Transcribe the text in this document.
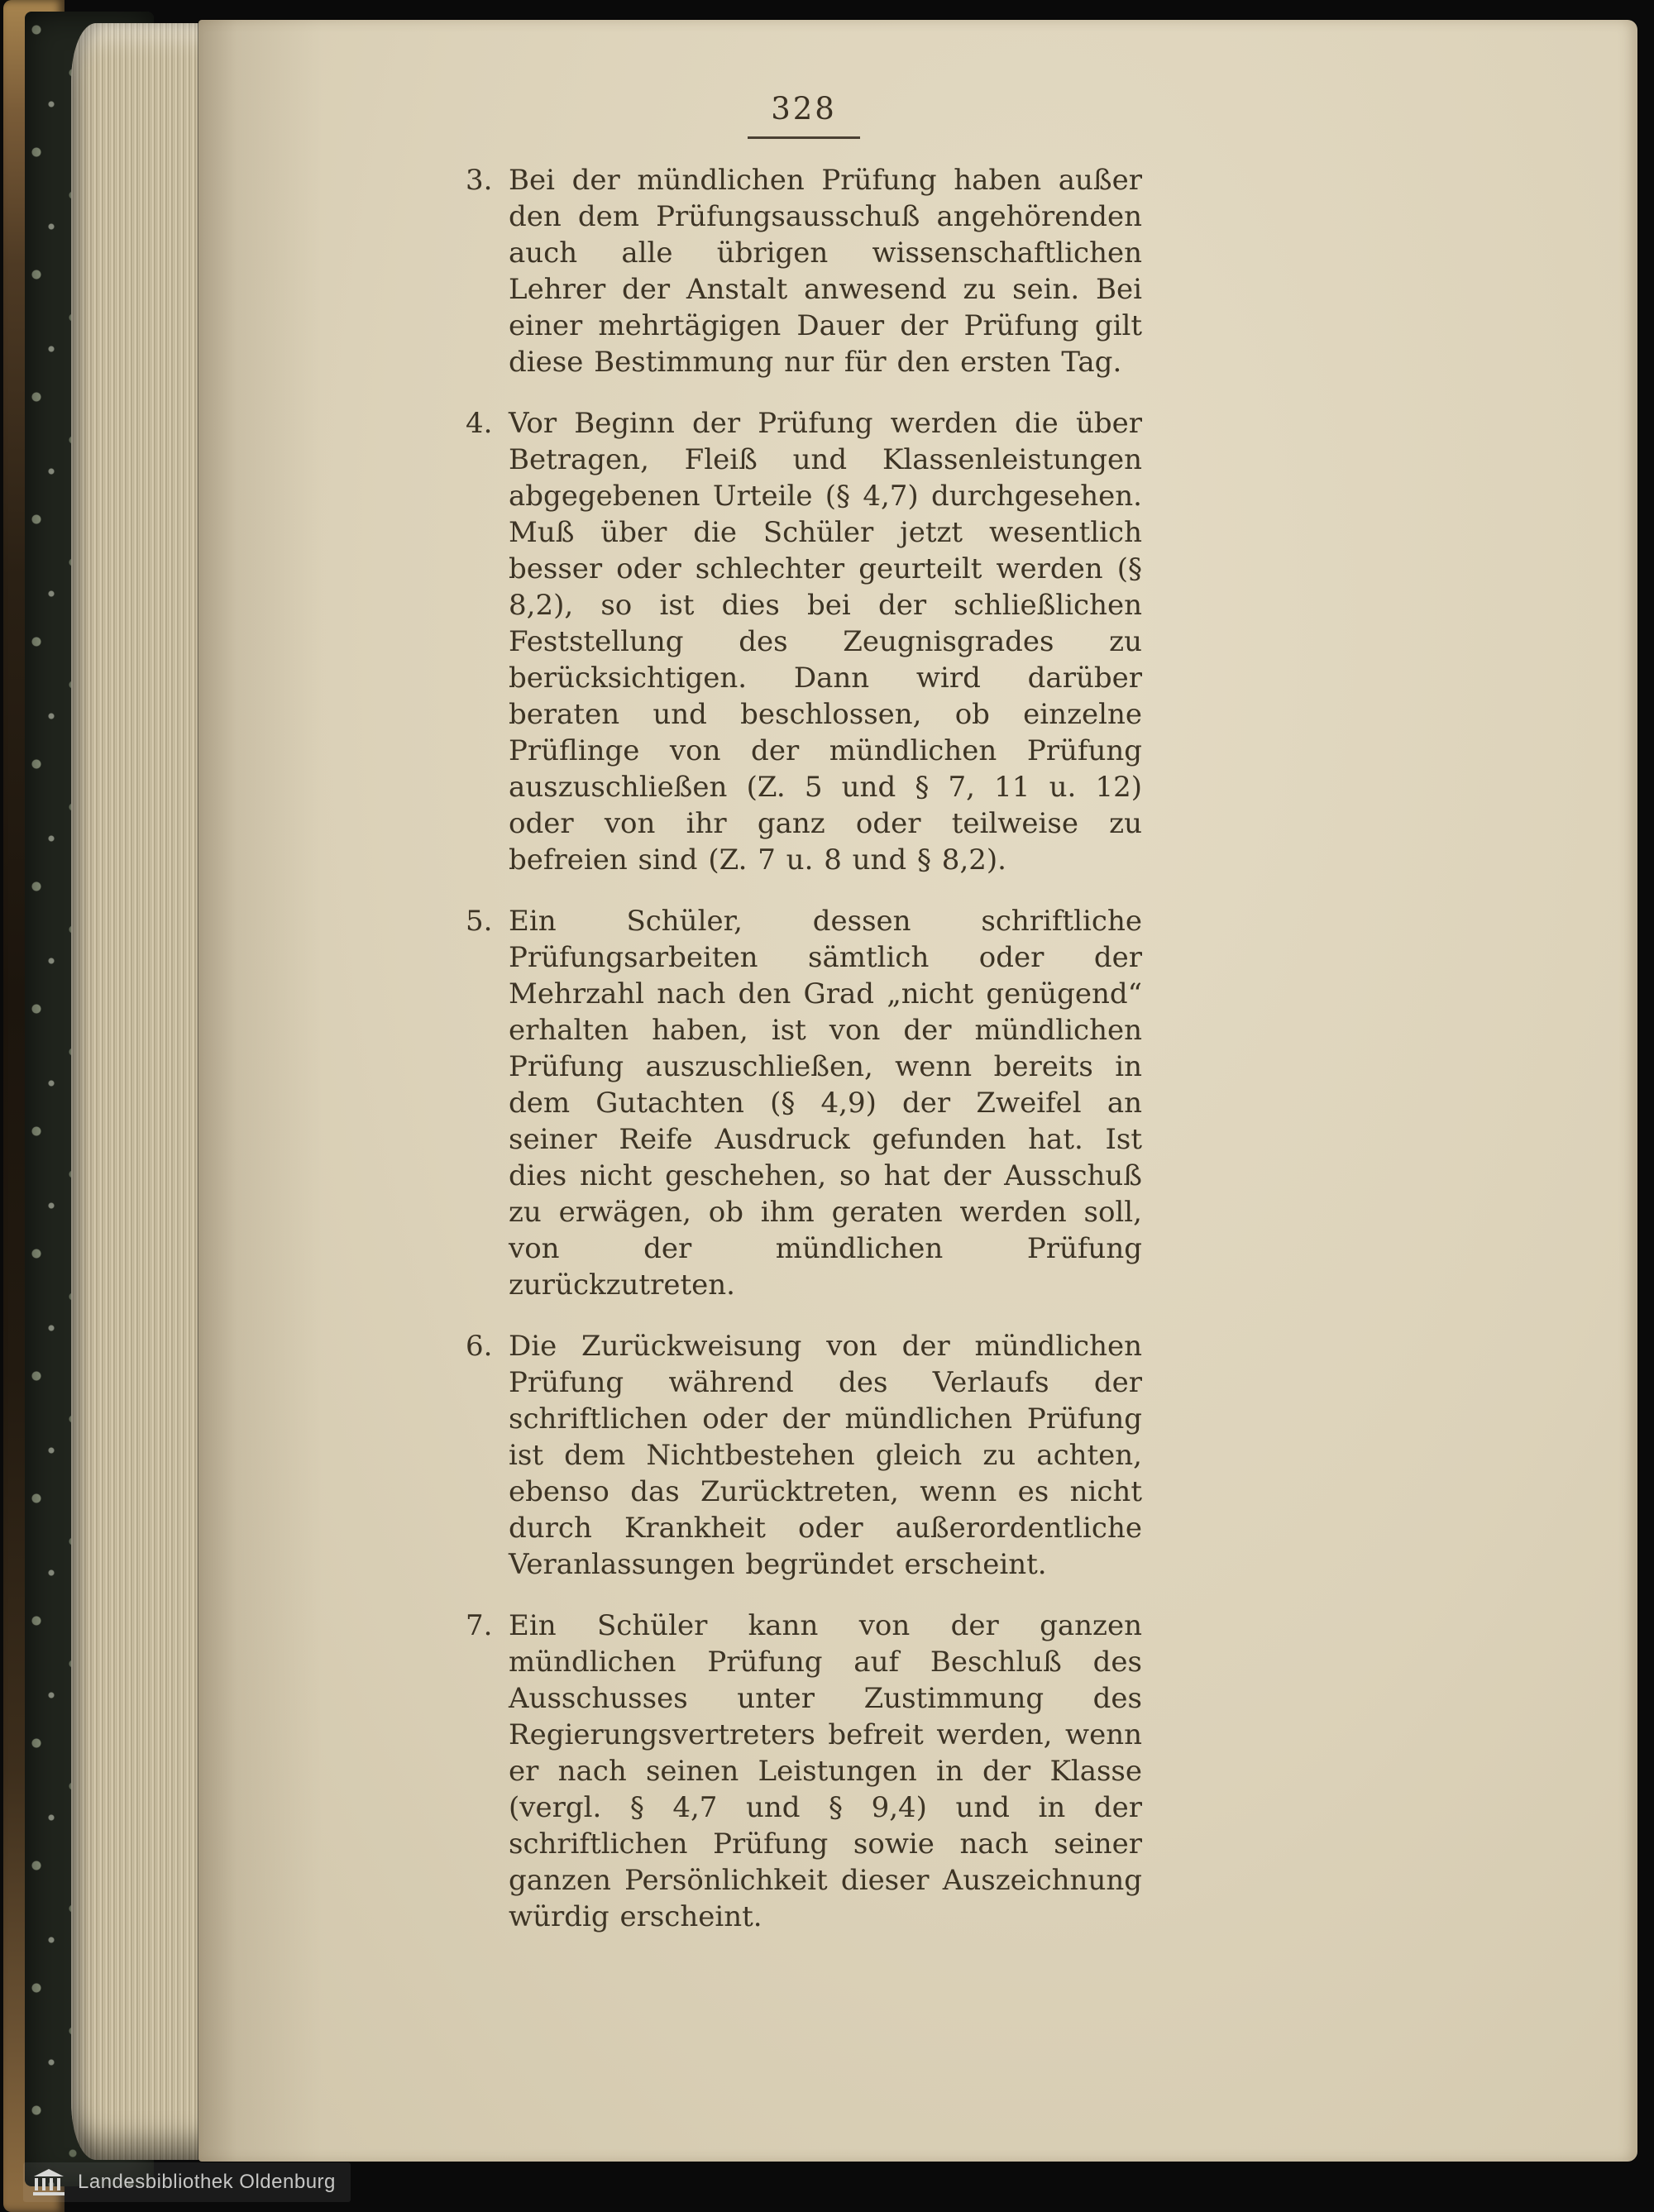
328
3. Bei der mündlichen Prüfung haben außer den dem Prüfungsausschuß angehörenden auch alle übrigen wissenschaftlichen Lehrer der Anstalt anwesend zu sein. Bei einer mehrtägigen Dauer der Prüfung gilt diese Bestimmung nur für den ersten Tag.

4. Vor Beginn der Prüfung werden die über Betragen, Fleiß und Klassenleistungen abgegebenen Urteile (§ 4,7) durchgesehen. Muß über die Schüler jetzt wesentlich besser oder schlechter geurteilt werden (§ 8,2), so ist dies bei der schließlichen Feststellung des Zeugnisgrades zu berücksichtigen. Dann wird darüber beraten und beschlossen, ob einzelne Prüflinge von der mündlichen Prüfung auszuschließen (Z. 5 und § 7, 11 u. 12) oder von ihr ganz oder teilweise zu befreien sind (Z. 7 u. 8 und § 8,2).

5. Ein Schüler, dessen schriftliche Prüfungsarbeiten sämtlich oder der Mehrzahl nach den Grad „nicht genügend“ erhalten haben, ist von der mündlichen Prüfung auszuschließen, wenn bereits in dem Gutachten (§ 4,9) der Zweifel an seiner Reife Ausdruck gefunden hat. Ist dies nicht geschehen, so hat der Ausschuß zu erwägen, ob ihm geraten werden soll, von der mündlichen Prüfung zurückzutreten.

6. Die Zurückweisung von der mündlichen Prüfung während des Verlaufs der schriftlichen oder der mündlichen Prüfung ist dem Nichtbestehen gleich zu achten, ebenso das Zurücktreten, wenn es nicht durch Krankheit oder außerordentliche Veranlassungen begründet erscheint.

7. Ein Schüler kann von der ganzen mündlichen Prüfung auf Beschluß des Ausschusses unter Zustimmung des Regierungsvertreters befreit werden, wenn er nach seinen Leistungen in der Klasse (vergl. § 4,7 und § 9,4) und in der schriftlichen Prüfung sowie nach seiner ganzen Persönlichkeit dieser Auszeichnung würdig erscheint.

Landesbibliothek Oldenburg
